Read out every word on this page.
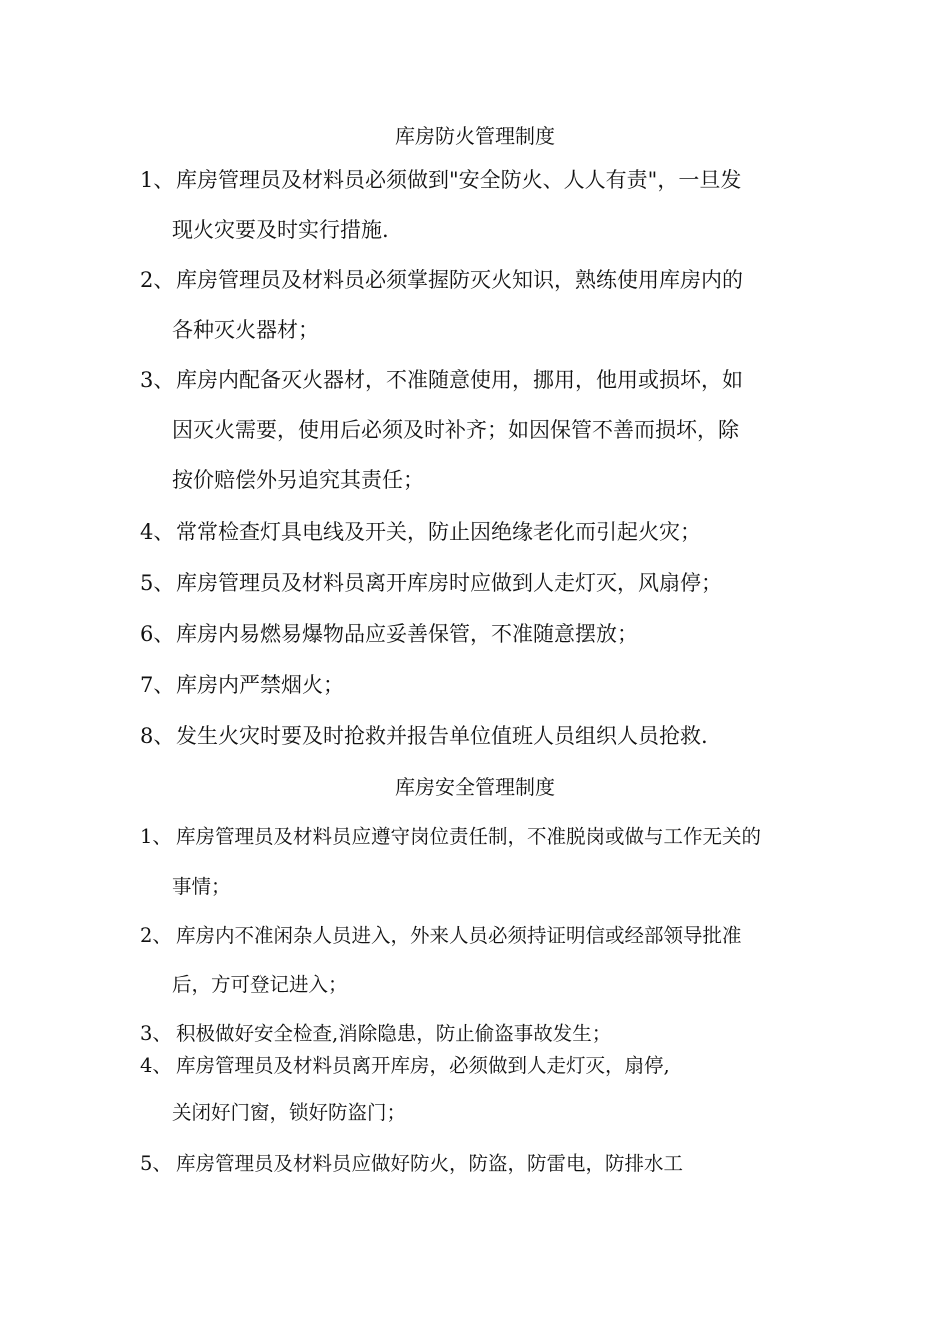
库房防火管理制度
1、库房管理员及材料员必须做到"安全防火、人人有责"，一旦发
现火灾要及时实行措施.
2、库房管理员及材料员必须掌握防灭火知识，熟练使用库房内的
各种灭火器材；
3、库房内配备灭火器材，不准随意使用，挪用，他用或损坏，如
因灭火需要，使用后必须及时补齐；如因保管不善而损坏，除
按价赔偿外另追究其责任；
4、常常检查灯具电线及开关，防止因绝缘老化而引起火灾；
5、库房管理员及材料员离开库房时应做到人走灯灭，风扇停；
6、库房内易燃易爆物品应妥善保管，不准随意摆放；
7、库房内严禁烟火；
8、发生火灾时要及时抢救并报告单位值班人员组织人员抢救.
库房安全管理制度
1、 库房管理员及材料员应遵守岗位责任制，不准脱岗或做与工作无关的
事情；
2、 库房内不准闲杂人员进入，外来人员必须持证明信或经部领导批准
后，方可登记进入；
3、 积极做好安全检查,消除隐患，防止偷盗事故发生；
4、 库房管理员及材料员离开库房，必须做到人走灯灭，扇停,
关闭好门窗，锁好防盗门；
5、 库房管理员及材料员应做好防火，防盗，防雷电，防排水工
